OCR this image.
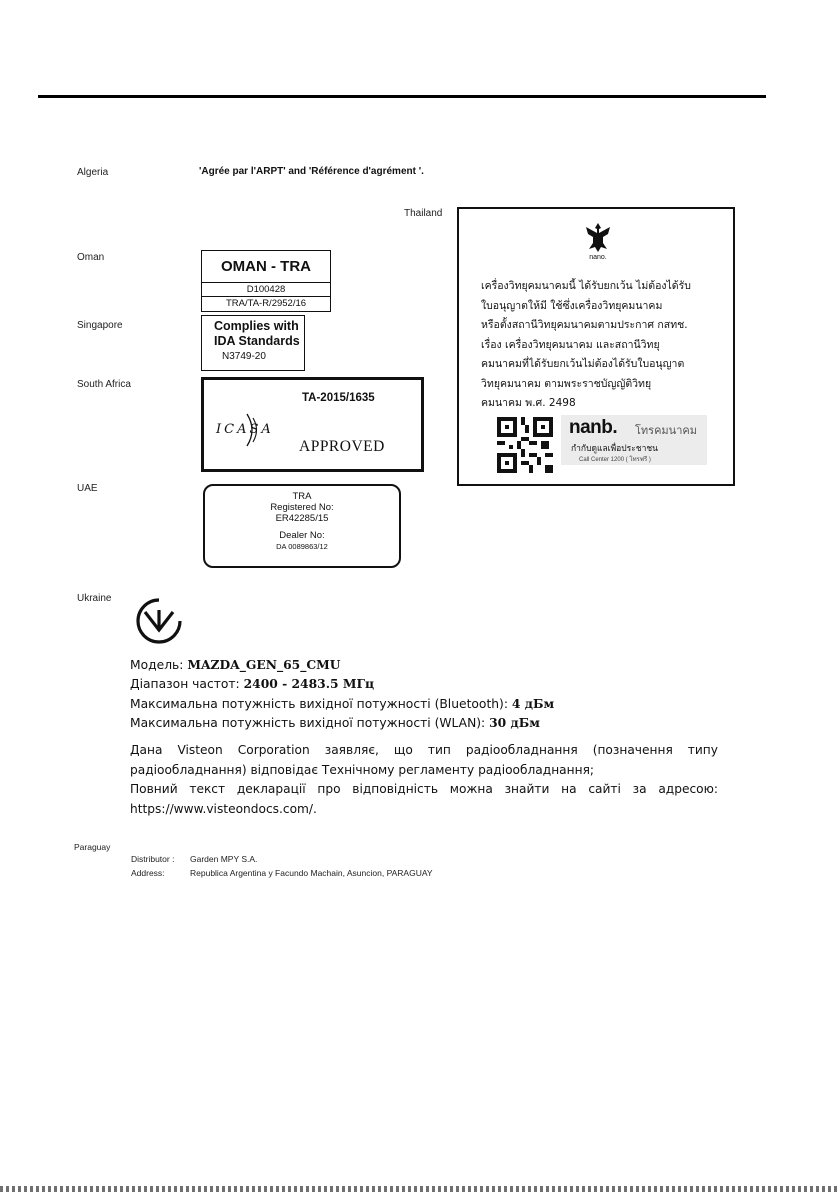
Algeria	'Agrée par l'ARPT' and 'Référence d'agrément '.
Thailand
nano.
เครื่องวิทยุคมนาคมนี้ ได้รับยกเว้น ไม่ต้องได้รับ
ใบอนุญาตให้มี ใช้ซึ่งเครื่องวิทยุคมนาคม
หรือตั้งสถานีวิทยุคมนาคมตามประกาศ กสทช.
เรื่อง เครื่องวิทยุคมนาคม และสถานีวิทยุ
คมนาคมที่ได้รับยกเว้นไม่ต้องได้รับใบอนุญาต
วิทยุคมนาคม ตามพระราชบัญญัติวิทยุ
คมนาคม พ.ศ. 2498
nanb. โทรคมนาคม
กำกับดูแลเพื่อประชาชน
Call Center 1200 ( โทรฟรี )
Oman
OMAN - TRA
D100428
TRA/TA-R/2952/16
Singapore	Complies with
IDA Standards
N3749-20
South Africa
TA-2015/1635
ICASA
APPROVED
UAE
TRA
Registered No:
ER42285/15
Dealer No:
DA 0089863/12
Ukraine
Модель: MAZDA_GEN_65_CMU
Діапазон частот: 2400 - 2483.5 МГц
Максимальна потужність вихідної потужності (Bluetooth): 4 дБм
Максимальна потужність вихідної потужності (WLAN): 30 дБм
Дана Visteon Corporation заявляє, що тип радіообладнання (позначення типу радіообладнання) відповідає Технічному регламенту радіообладнання;
Повний текст декларації про відповідність можна знайти на сайті за адресою: https://www.visteondocs.com/.
Paraguay
Distributor : Garden MPY S.A.
Address:	Republica Argentina y Facundo Machain, Asuncion, PARAGUAY
